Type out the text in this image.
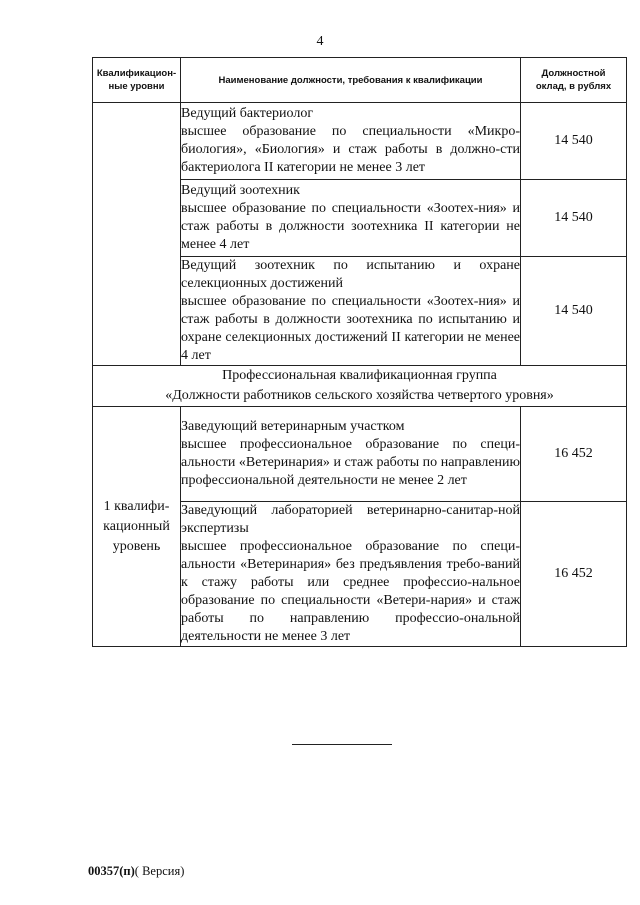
4
Квалификацион-
ные уровни	Наименование должности, требования к квалификации	Должностной
оклад, в рублях

	Ведущий бактериолог
высшее образование по специальности «Микро-биология», «Биология» и стаж работы в должно-сти бактериолога II категории не менее 3 лет	14 540

	Ведущий зоотехник
высшее образование по специальности «Зоотех-ния» и стаж работы в должности зоотехника II категории не менее 4 лет	14 540

	Ведущий зоотехник по испытанию и охране селекционных достижений
высшее образование по специальности «Зоотех-ния» и стаж работы в должности зоотехника по испытанию и охране селекционных достижений II категории не менее 4 лет	14 540

Профессиональная квалификационная группа
«Должности работников сельского хозяйства четвертого уровня»		

1 квалифи-
кационный
уровень	Заведующий ветеринарным участком
высшее профессиональное образование по специ-альности «Ветеринария» и стаж работы по направлению профессиональной деятельности не менее 2 лет	16 452

	Заведующий лабораторией ветеринарно-санитар-ной экспертизы
высшее профессиональное образование по специ-альности «Ветеринария» без предъявления требо-ваний к стажу работы или среднее профессио-нальное образование по специальности «Ветери-нария» и стаж работы по направлению профессио-ональной деятельности не менее 3 лет	16 452
00357(п)( Версия)
